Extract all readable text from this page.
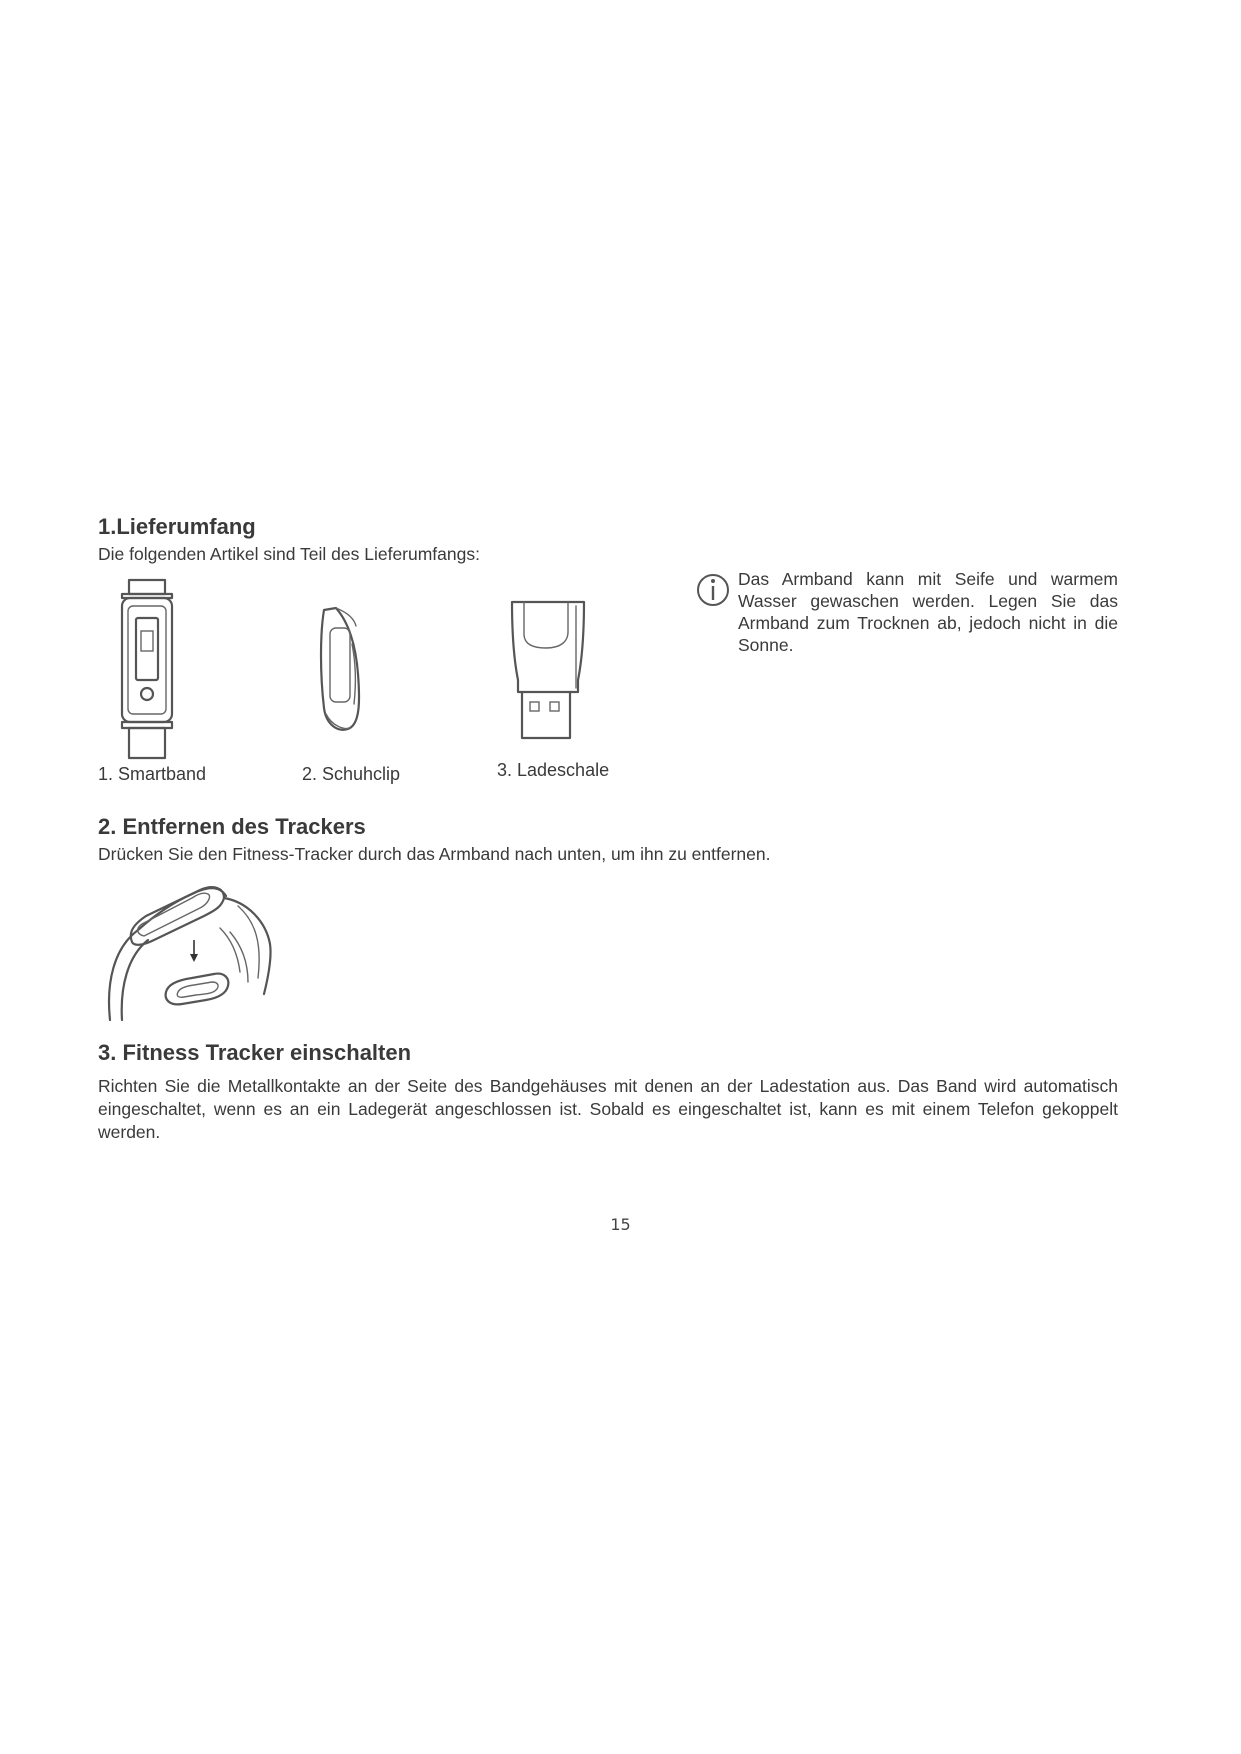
1.Lieferumfang
Die folgenden Artikel sind Teil des Lieferumfangs:
1. Smartband	2. Schuhclip	3. Ladeschale
Das Armband kann mit Seife und warmem Wasser gewaschen werden. Legen Sie das Armband zum Trocknen ab, jedoch nicht in die Sonne.
2. Entfernen des Trackers
Drücken Sie den Fitness-Tracker durch das Armband nach unten, um ihn zu entfernen.
3. Fitness Tracker einschalten
Richten Sie die Metallkontakte an der Seite des Bandgehäuses mit denen an der Ladestation aus. Das Band wird automatisch eingeschaltet, wenn es an ein Ladegerät angeschlossen ist. Sobald es eingeschaltet ist, kann es mit einem Telefon gekoppelt werden.
15
